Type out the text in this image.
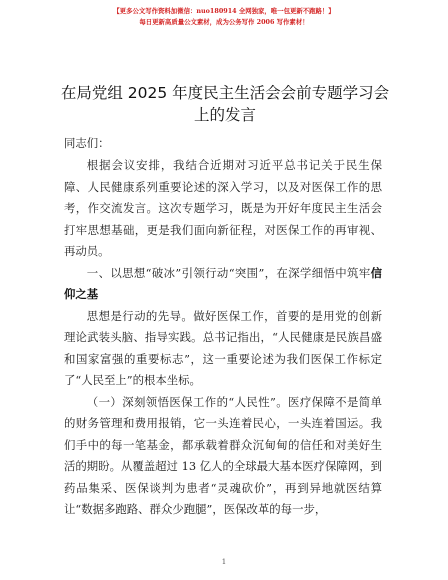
【更多公文写作资料加微信：nuo180914 全网独家，唯一包更新不跑路！】
每日更新高质量公文素材，成为公务写作 2006 写作素材！
在局党组 2025 年度民主生活会会前专题学习会上的发言

同志们：

根据会议安排，我结合近期对习近平总书记关于民生保障、人民健康系列重要论述的深入学习，以及对医保工作的思考，作交流发言。这次专题学习，既是为开好年度民主生活会打牢思想基础，更是我们面向新征程，对医保工作的再审视、再动员。

一、以思想“破冰”引领行动“突围”，在深学细悟中筑牢信仰之基

思想是行动的先导。做好医保工作，首要的是用党的创新理论武装头脑、指导实践。总书记指出，“人民健康是民族昌盛和国家富强的重要标志”，这一重要论述为我们医保工作标定了“人民至上”的根本坐标。

（一）深刻领悟医保工作的“人民性”。医疗保障不是简单的财务管理和费用报销，它一头连着民心，一头连着国运。我们手中的每一笔基金，都承载着群众沉甸甸的信任和对美好生活的期盼。从覆盖超过 13 亿人的全球最大基本医疗保障网，到药品集采、医保谈判为患者“灵魂砍价”，再到异地就医结算让“数据多跑路、群众少跑腿”，医保改革的每一步，

1
